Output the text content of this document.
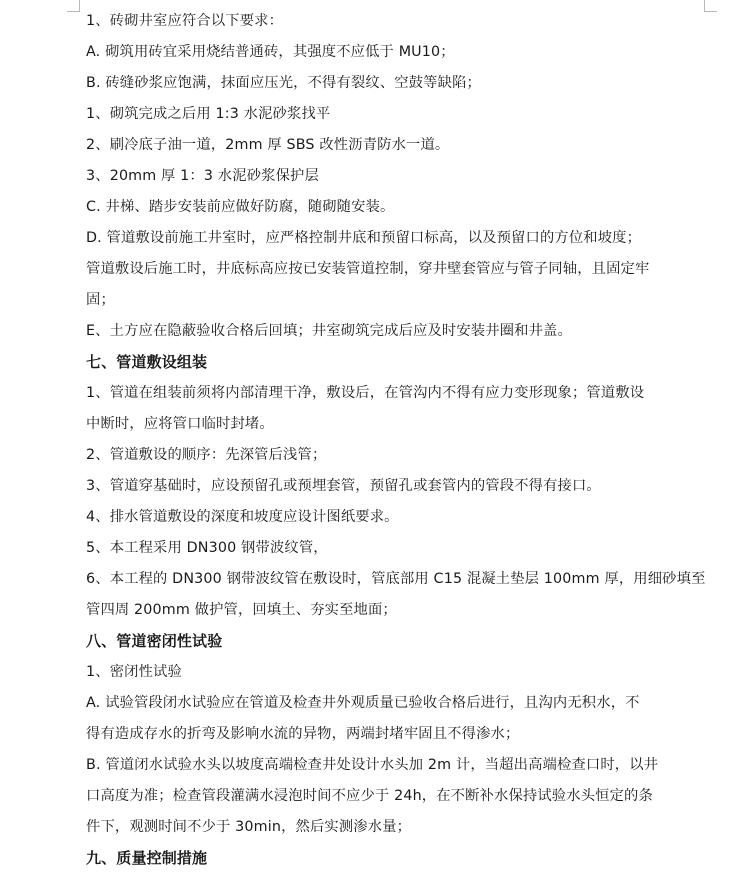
1、砖砌井室应符合以下要求：
A. 砌筑用砖宜采用烧结普通砖，其强度不应低于 MU10；
B. 砖缝砂浆应饱满，抹面应压光，不得有裂纹、空鼓等缺陷；
1、砌筑完成之后用 1:3 水泥砂浆找平
2、刷冷底子油一道，2mm 厚 SBS 改性沥青防水一道。
3、20mm 厚 1：3 水泥砂浆保护层
C. 井梯、踏步安装前应做好防腐，随砌随安装。
D. 管道敷设前施工井室时，应严格控制井底和预留口标高，以及预留口的方位和坡度；
管道敷设后施工时，井底标高应按已安装管道控制，穿井壁套管应与管子同轴，且固定牢
固；
E、土方应在隐蔽验收合格后回填；井室砌筑完成后应及时安装井圈和井盖。
七、管道敷设组装
1、管道在组装前须将内部清理干净，敷设后，在管沟内不得有应力变形现象；管道敷设
中断时，应将管口临时封堵。
2、管道敷设的顺序：先深管后浅管；
3、管道穿基础时，应设预留孔或预埋套管，预留孔或套管内的管段不得有接口。
4、排水管道敷设的深度和坡度应设计图纸要求。
5、本工程采用 DN300 钢带波纹管，
6、本工程的 DN300 钢带波纹管在敷设时，管底部用 C15 混凝土垫层 100mm 厚，用细砂填至
管四周 200mm 做护管，回填土、夯实至地面；
八、管道密闭性试验
1、密闭性试验
A. 试验管段闭水试验应在管道及检查井外观质量已验收合格后进行，且沟内无积水，不
得有造成存水的折弯及影响水流的异物，两端封堵牢固且不得渗水；
B. 管道闭水试验水头以坡度高端检查井处设计水头加 2m 计，当超出高端检查口时，以井
口高度为准；检查管段灌满水浸泡时间不应少于 24h，在不断补水保持试验水头恒定的条
件下，观测时间不少于 30min，然后实测渗水量；
九、质量控制措施
